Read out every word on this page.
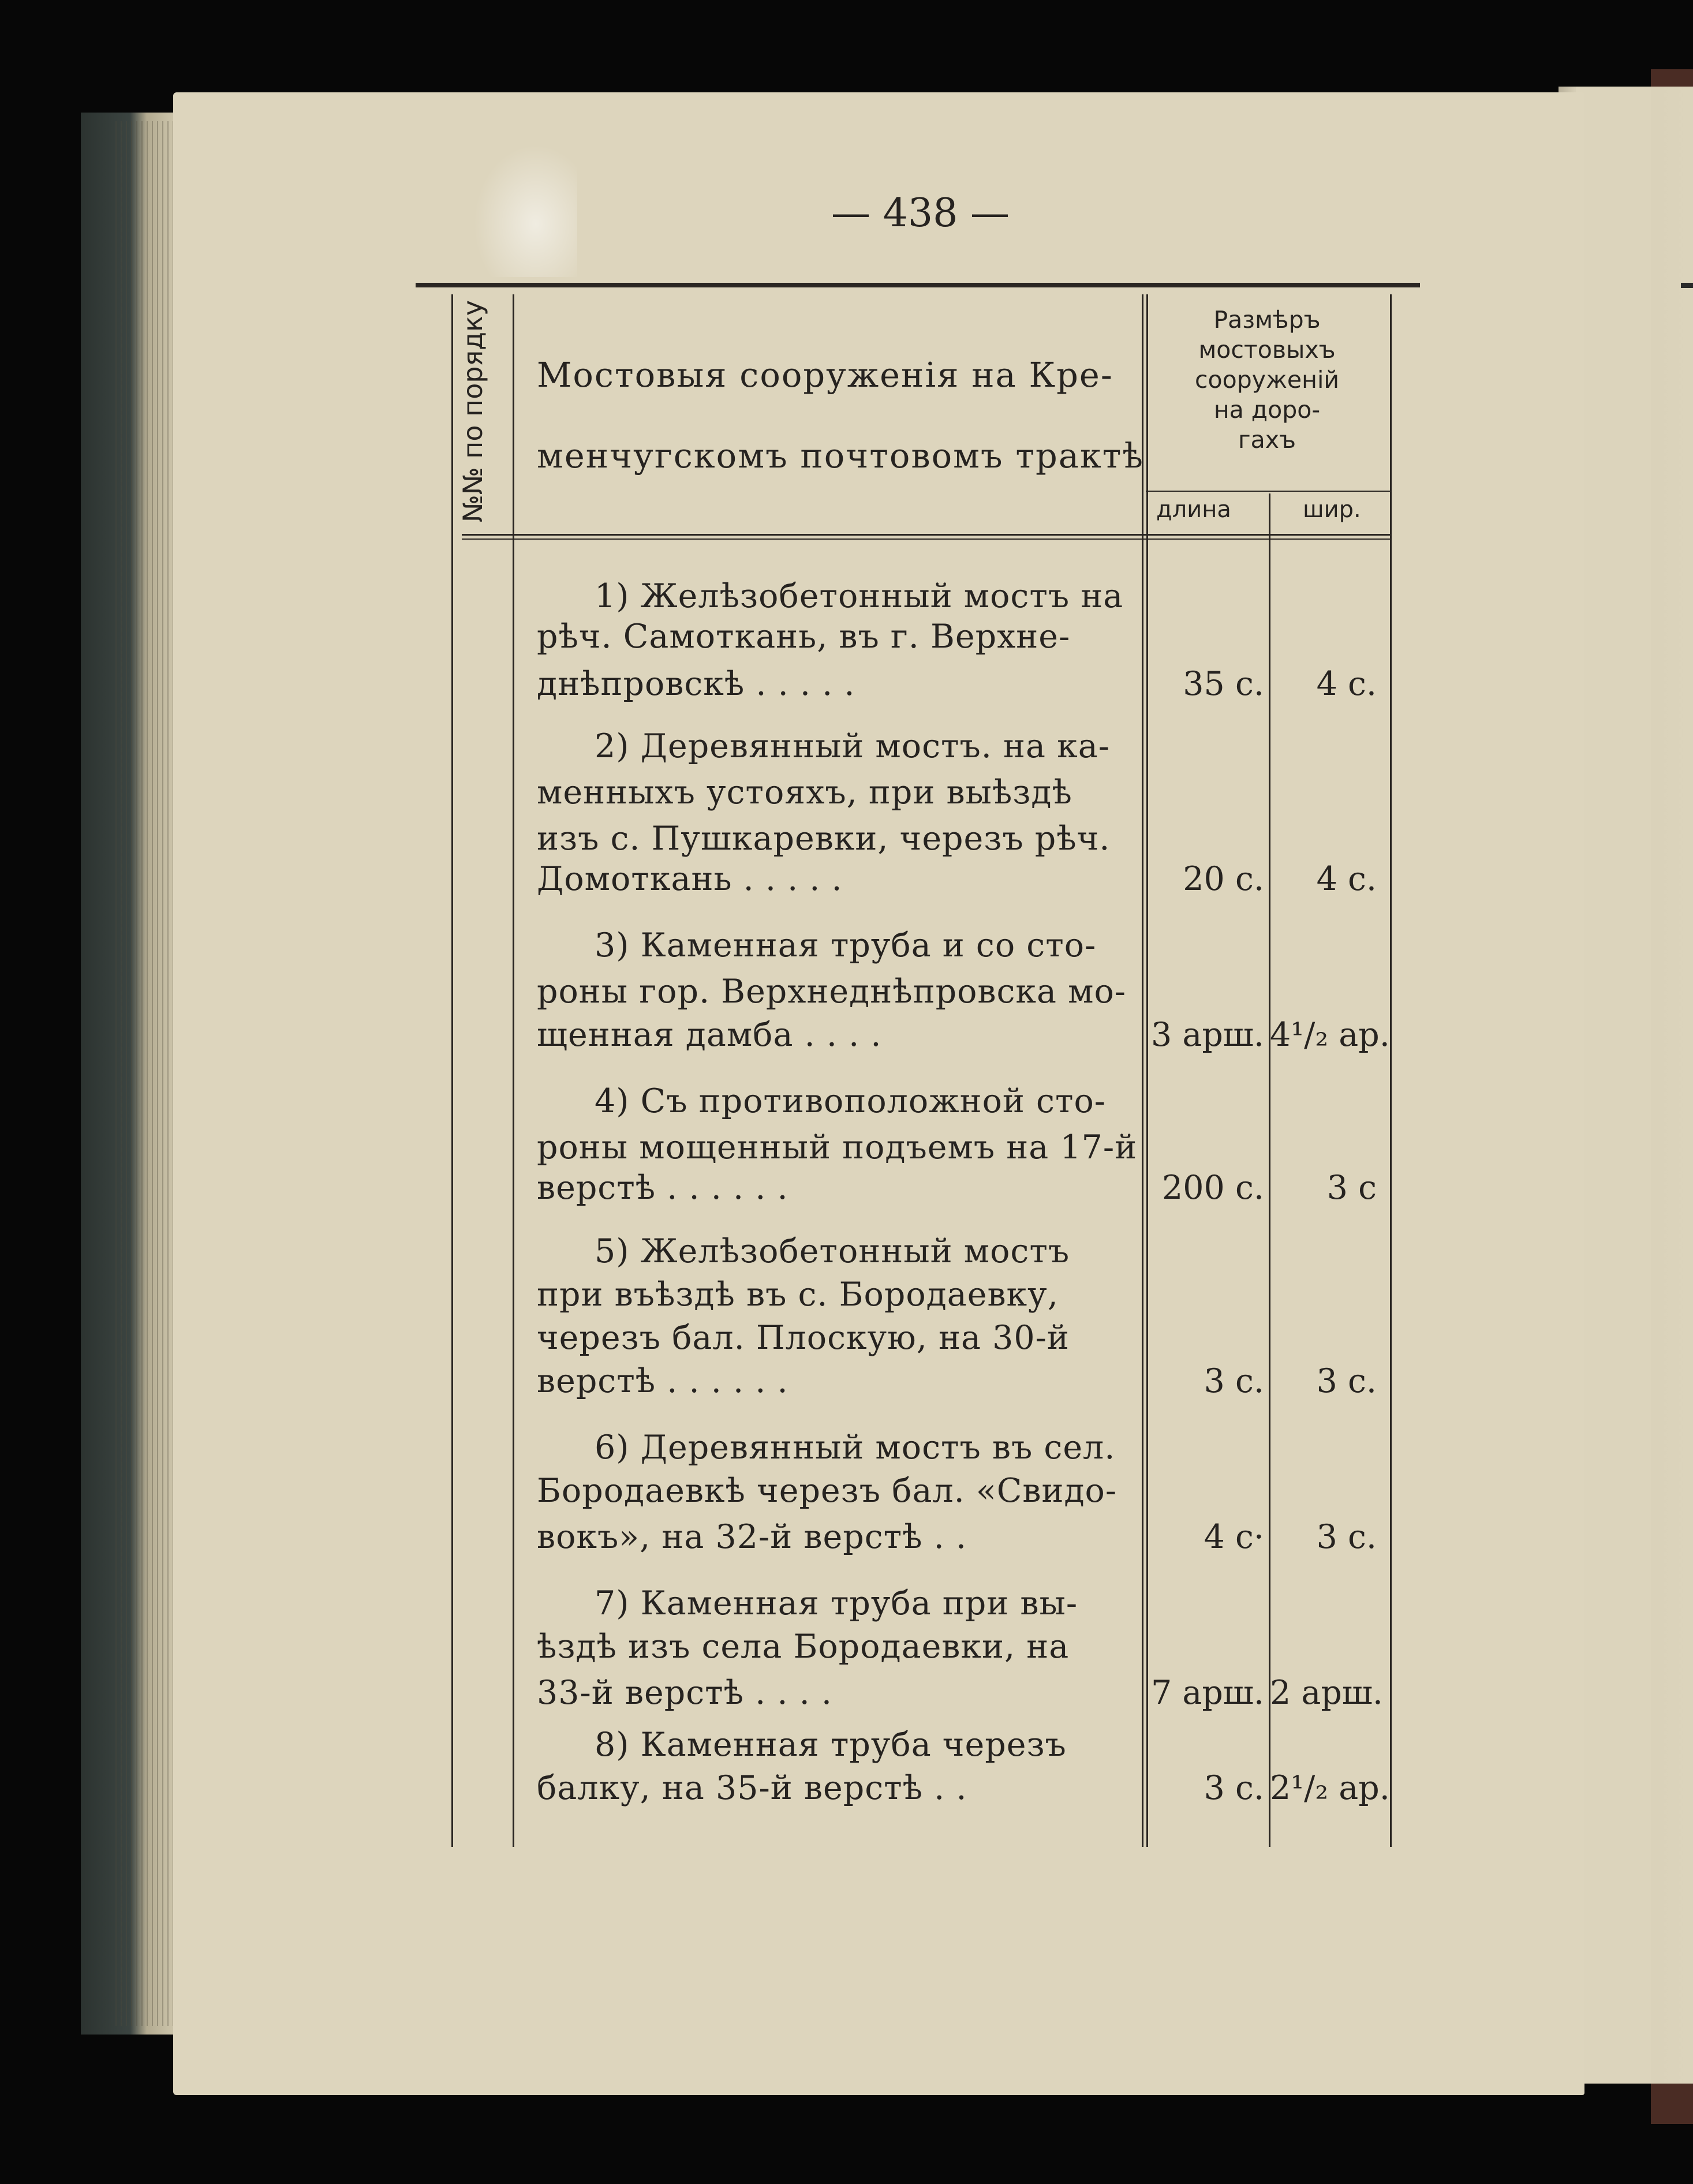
— 438 —
№№ по порядку Мостовыя сооруженія на Кре-
менчугскомъ почтовомъ трактѣ
Размѣръ
мостовыхъ
сооруженій
на доро-
гахъ
длина	шир.
1) Желѣзобетонный мостъ на
рѣч. Самоткань, въ г. Верхне-
днѣпровскѣ . . . . .	35 с.	4 с.
2) Деревянный мостъ. на ка-
менныхъ устояхъ, при выѣздѣ
изъ с. Пушкаревки, черезъ рѣч.
Домоткань . . . . .	20 с.	4 с.
3) Каменная труба и со сто-
роны гор. Верхнеднѣпровска мо-
щенная дамба . . . .	3 арш. 4¹/₂ ар.
4) Съ противоположной сто-
роны мощенный подъемъ на 17-й
верстѣ . . . . . .	200 с.	3 с
5) Желѣзобетонный мостъ
при въѣздѣ въ с. Бородаевку,
черезъ бал. Плоскую, на 30-й
верстѣ . . . . . .	3 с.	3 с.
6) Деревянный мостъ въ сел.
Бородаевкѣ черезъ бал. «Свидо-
вокъ», на 32-й верстѣ . .	4 с·	3 с.
7) Каменная труба при вы-
ѣздѣ изъ села Бородаевки, на
33-й верстѣ . . . .	7 арш. 2 арш.
8) Каменная труба черезъ
балку, на 35-й верстѣ . .	3 с. 2¹/₂ ар.
